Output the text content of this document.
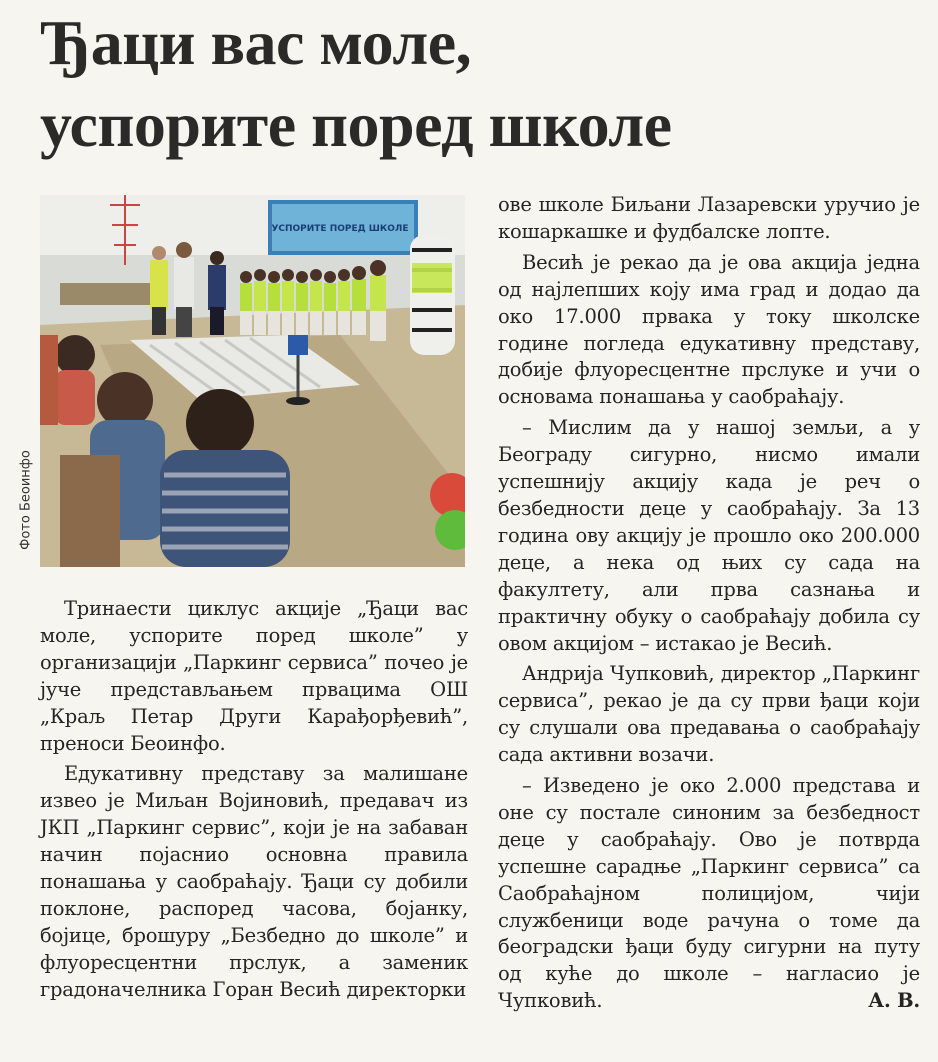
Ђаци вас моле,
успорите поред школе
Фото Беоинфо
УСПОРИТЕ ПОРЕД ШКОЛЕ

Тринаести циклус акције „Ђаци вас моле, успорите поред школе” у организацији „Паркинг сервиса” почео је јуче представљањем првацима ОШ „Краљ Петар Други Карађорђевић”, преноси Беоинфо.

Едукативну представу за малишане извео је Миљан Војиновић, предавач из ЈКП „Паркинг сервис”, који је на забаван начин појаснио основна правила понашања у саобраћају. Ђаци су добили поклоне, распоред часова, бојанку, бојице, брошуру „Безбедно до школе” и флуоресцентни прслук, а заменик градоначелника Горан Весић директорки

ове школе Биљани Лазаревски уручио је кошаркашке и фудбалске лопте.

Весић је рекао да је ова акција једна од најлепших коју има град и додао да око 17.000 првака у току школске године погледа едукативну представу, добије флуоресцентне прслуке и учи о основама понашања у саобраћају.

– Мислим да у нашој земљи, а у Београду сигурно, нисмо имали успешнију акцију када је реч о безбедности деце у саобраћају. За 13 година ову акцију је прошло око 200.000 деце, а нека од њих су сада на факултету, али прва сазнања и практичну обуку о саобраћају добила су овом акцијом – истакао је Весић.

Андрија Чупковић, директор „Паркинг сервиса”, рекао је да су први ђаци који су слушали ова предавања о саобраћају сада активни возачи.

– Изведено је око 2.000 представа и оне су постале синоним за безбедност деце у саобраћају. Ово је потврда успешне сарадње „Паркинг сервиса” са Саобраћајном полицијом, чији службеници воде рачуна о томе да београдски ђаци буду сигурни на путу од куће до школе – нагласио је Чупковић.	А. В.
